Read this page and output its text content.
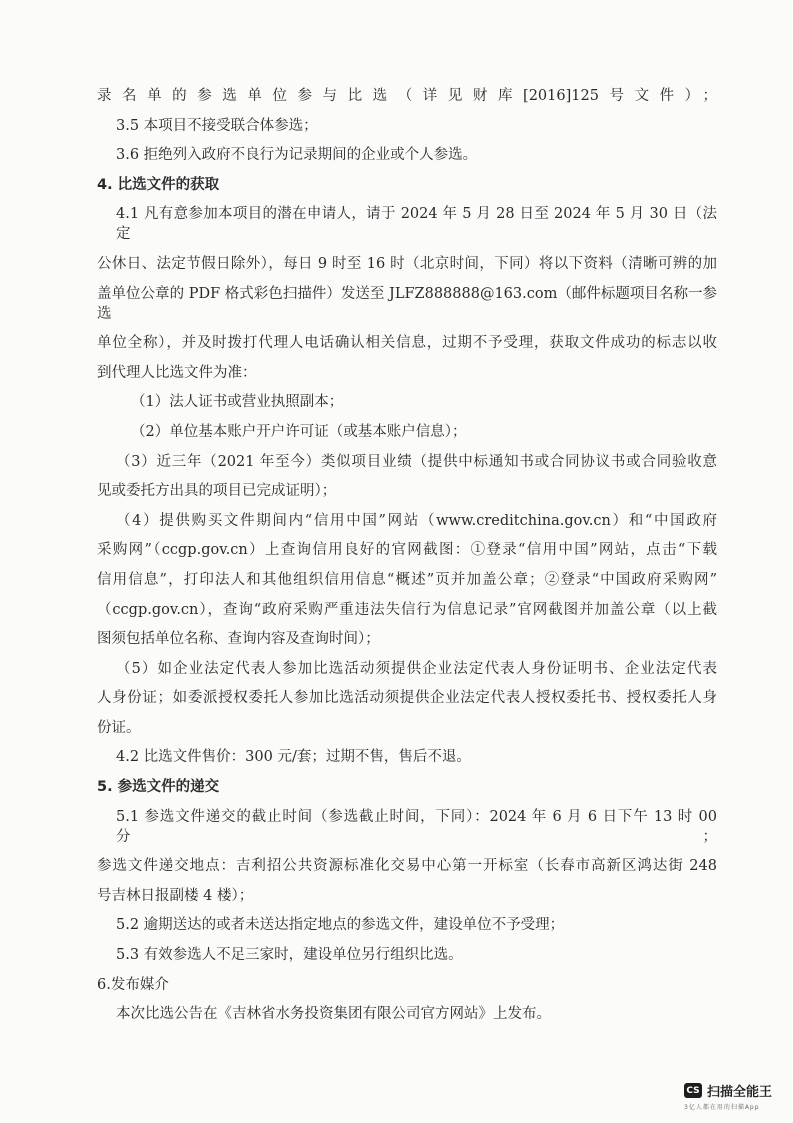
录名单的参选单位参与比选（详见财库[2016]125号文件）；
3.5 本项目不接受联合体参选；
3.6 拒绝列入政府不良行为记录期间的企业或个人参选。
4. 比选文件的获取
4.1 凡有意参加本项目的潜在申请人，请于 2024 年 5 月 28 日至 2024 年 5 月 30 日（法定
公休日、法定节假日除外），每日 9 时至 16 时（北京时间，下同）将以下资料（清晰可辨的加
盖单位公章的 PDF 格式彩色扫描件）发送至 JLFZ888888@163.com（邮件标题项目名称一参选
单位全称），并及时拨打代理人电话确认相关信息，过期不予受理，获取文件成功的标志以收
到代理人比选文件为准：
（1）法人证书或营业执照副本；
（2）单位基本账户开户许可证（或基本账户信息）；
（3）近三年（2021 年至今）类似项目业绩（提供中标通知书或合同协议书或合同验收意
见或委托方出具的项目已完成证明）；
（4）提供购买文件期间内“信用中国”网站（www.creditchina.gov.cn）和“中国政府
采购网”（ccgp.gov.cn）上查询信用良好的官网截图：①登录“信用中国”网站，点击“下载
信用信息”，打印法人和其他组织信用信息“概述”页并加盖公章；②登录“中国政府采购网”
（ccgp.gov.cn），查询“政府采购严重违法失信行为信息记录”官网截图并加盖公章（以上截
图须包括单位名称、查询内容及查询时间）；
（5）如企业法定代表人参加比选活动须提供企业法定代表人身份证明书、企业法定代表
人身份证；如委派授权委托人参加比选活动须提供企业法定代表人授权委托书、授权委托人身
份证。
4.2 比选文件售价：300 元/套；过期不售，售后不退。
5. 参选文件的递交
5.1 参选文件递交的截止时间（参选截止时间，下同）：2024 年 6 月 6 日下午 13 时 00 分；
参选文件递交地点：吉利招公共资源标准化交易中心第一开标室（长春市高新区鸿达街 248
号吉林日报副楼 4 楼）；
5.2 逾期送达的或者未送达指定地点的参选文件，建设单位不予受理；
5.3 有效参选人不足三家时，建设单位另行组织比选。
6.发布媒介
本次比选公告在《吉林省水务投资集团有限公司官方网站》上发布。
CS 扫描全能王
3亿人都在用的扫描App
